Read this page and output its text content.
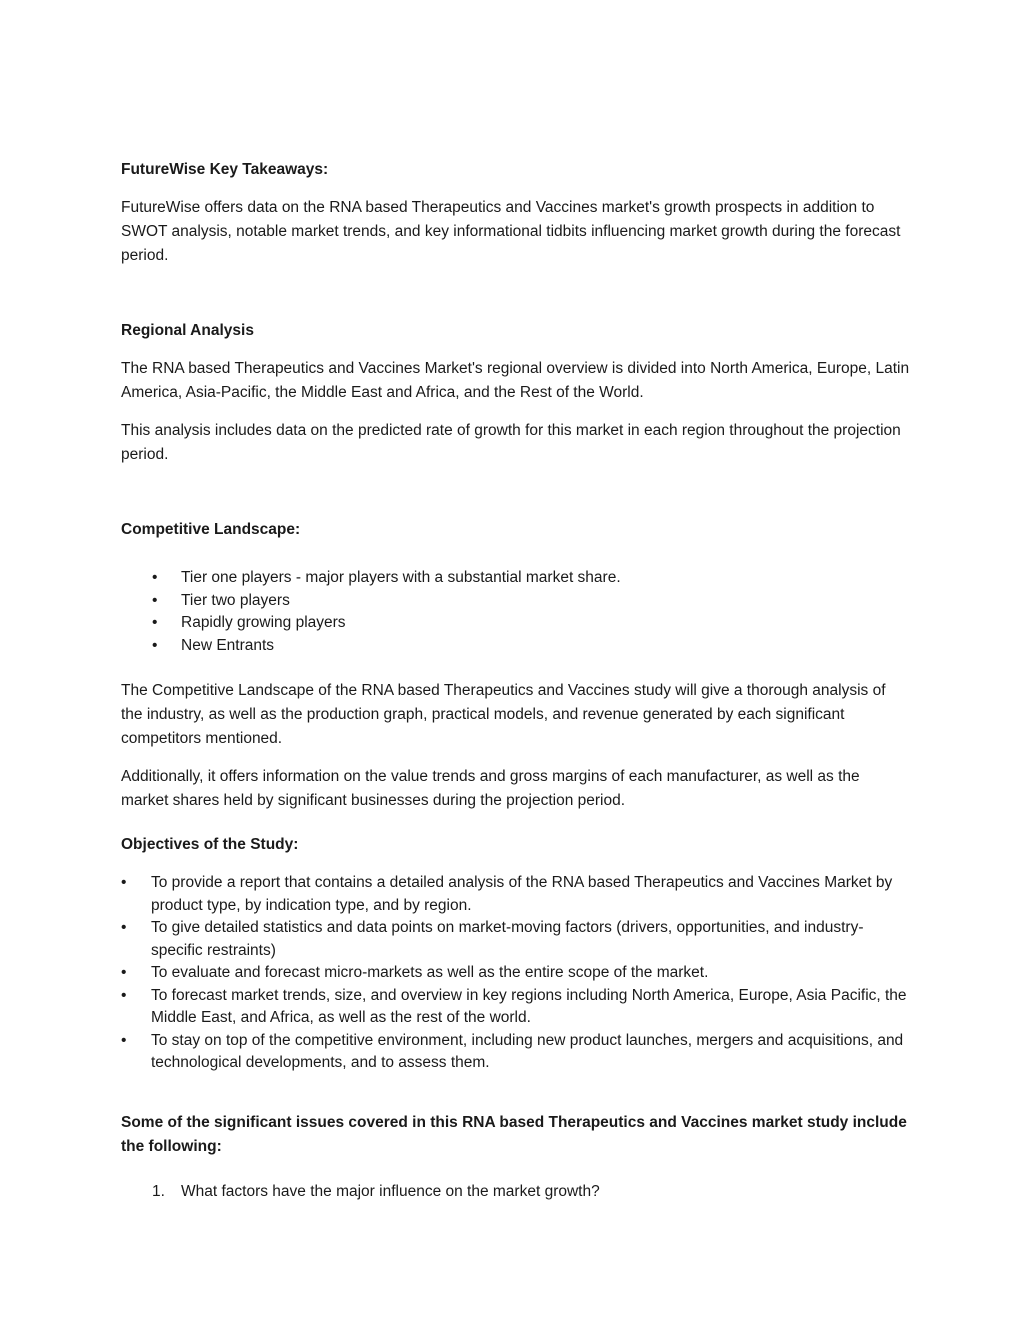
FutureWise Key Takeaways:

FutureWise offers data on the RNA based Therapeutics and Vaccines market's growth prospects in addition to SWOT analysis, notable market trends, and key informational tidbits influencing market growth during the forecast period.

Regional Analysis

The RNA based Therapeutics and Vaccines Market's regional overview is divided into North America, Europe, Latin America, Asia-Pacific, the Middle East and Africa, and the Rest of the World.

This analysis includes data on the predicted rate of growth for this market in each region throughout the projection period.

Competitive Landscape:

• Tier one players - major players with a substantial market share.
• Tier two players
• Rapidly growing players
• New Entrants

The Competitive Landscape of the RNA based Therapeutics and Vaccines study will give a thorough analysis of the industry, as well as the production graph, practical models, and revenue generated by each significant competitors mentioned.

Additionally, it offers information on the value trends and gross margins of each manufacturer, as well as the market shares held by significant businesses during the projection period.

Objectives of the Study:

• To provide a report that contains a detailed analysis of the RNA based Therapeutics and Vaccines Market by product type, by indication type, and by region.
• To give detailed statistics and data points on market-moving factors (drivers, opportunities, and industry-specific restraints)
• To evaluate and forecast micro-markets as well as the entire scope of the market.
• To forecast market trends, size, and overview in key regions including North America, Europe, Asia Pacific, the Middle East, and Africa, as well as the rest of the world.
• To stay on top of the competitive environment, including new product launches, mergers and acquisitions, and technological developments, and to assess them.

Some of the significant issues covered in this RNA based Therapeutics and Vaccines market study include the following:

1. What factors have the major influence on the market growth?
